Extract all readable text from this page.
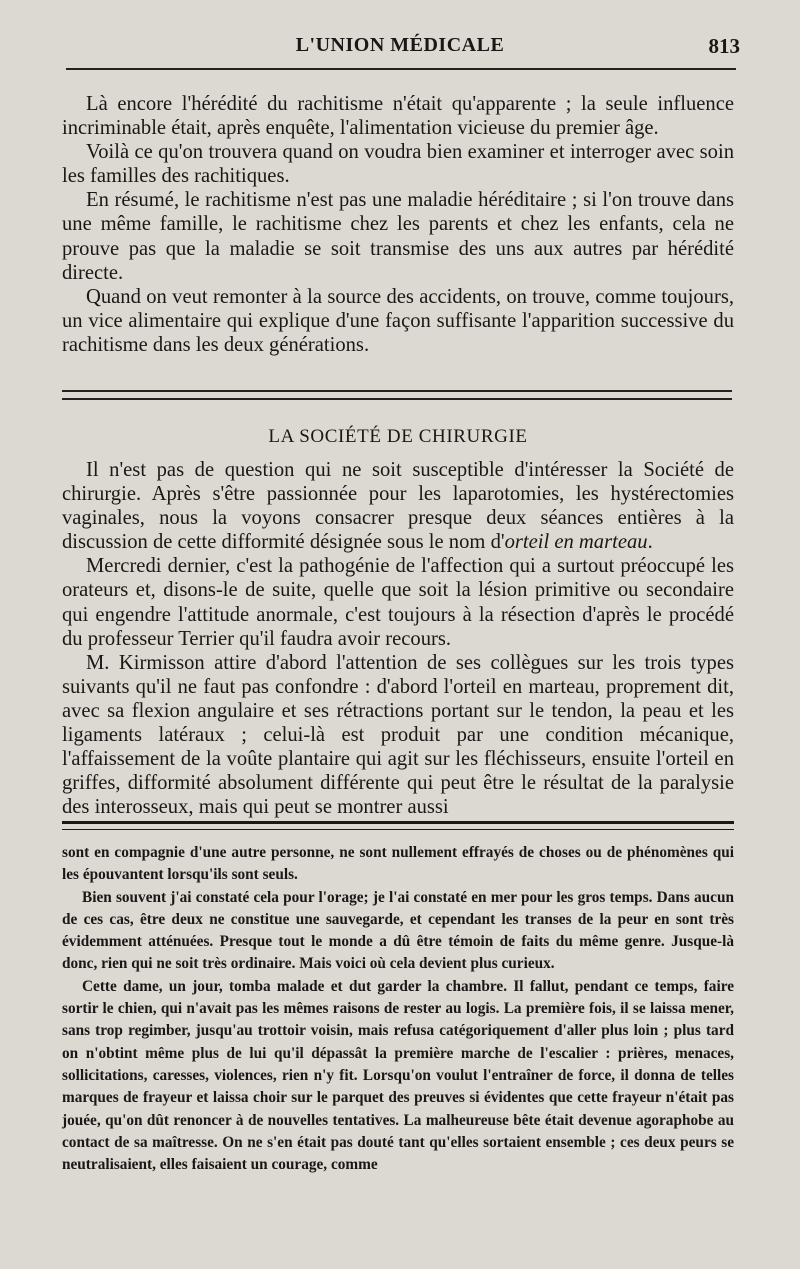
L'UNION MÉDICALE	813

Là encore l'hérédité du rachitisme n'était qu'apparente ; la seule influence incriminable était, après enquête, l'alimentation vicieuse du premier âge.

Voilà ce qu'on trouvera quand on voudra bien examiner et interroger avec soin les familles des rachitiques.

En résumé, le rachitisme n'est pas une maladie héréditaire ; si l'on trouve dans une même famille, le rachitisme chez les parents et chez les enfants, cela ne prouve pas que la maladie se soit transmise des uns aux autres par hérédité directe.

Quand on veut remonter à la source des accidents, on trouve, comme toujours, un vice alimentaire qui explique d'une façon suffisante l'apparition successive du rachitisme dans les deux générations.

LA SOCIÉTÉ DE CHIRURGIE

Il n'est pas de question qui ne soit susceptible d'intéresser la Société de chirurgie. Après s'être passionnée pour les laparotomies, les hystérectomies vaginales, nous la voyons consacrer presque deux séances entières à la discussion de cette difformité désignée sous le nom d'orteil en marteau.

Mercredi dernier, c'est la pathogénie de l'affection qui a surtout préoccupé les orateurs et, disons-le de suite, quelle que soit la lésion primitive ou secondaire qui engendre l'attitude anormale, c'est toujours à la résection d'après le procédé du professeur Terrier qu'il faudra avoir recours.

M. Kirmisson attire d'abord l'attention de ses collègues sur les trois types suivants qu'il ne faut pas confondre : d'abord l'orteil en marteau, proprement dit, avec sa flexion angulaire et ses rétractions portant sur le tendon, la peau et les ligaments latéraux ; celui-là est produit par une condition mécanique, l'affaissement de la voûte plantaire qui agit sur les fléchisseurs, ensuite l'orteil en griffes, difformité absolument différente qui peut être le résultat de la paralysie des interosseux, mais qui peut se montrer aussi

sont en compagnie d'une autre personne, ne sont nullement effrayés de choses ou de phénomènes qui les épouvantent lorsqu'ils sont seuls.

Bien souvent j'ai constaté cela pour l'orage; je l'ai constaté en mer pour les gros temps. Dans aucun de ces cas, être deux ne constitue une sauvegarde, et cependant les transes de la peur en sont très évidemment atténuées. Presque tout le monde a dû être témoin de faits du même genre. Jusque-là donc, rien qui ne soit très ordinaire. Mais voici où cela devient plus curieux.

Cette dame, un jour, tomba malade et dut garder la chambre. Il fallut, pendant ce temps, faire sortir le chien, qui n'avait pas les mêmes raisons de rester au logis. La première fois, il se laissa mener, sans trop regimber, jusqu'au trottoir voisin, mais refusa catégoriquement d'aller plus loin ; plus tard on n'obtint même plus de lui qu'il dépassât la première marche de l'escalier : prières, menaces, sollicitations, caresses, violences, rien n'y fit. Lorsqu'on voulut l'entraîner de force, il donna de telles marques de frayeur et laissa choir sur le parquet des preuves si évidentes que cette frayeur n'était pas jouée, qu'on dût renoncer à de nouvelles tentatives. La malheureuse bête était devenue agoraphobe au contact de sa maîtresse. On ne s'en était pas douté tant qu'elles sortaient ensemble ; ces deux peurs se neutralisaient, elles faisaient un courage, comme
